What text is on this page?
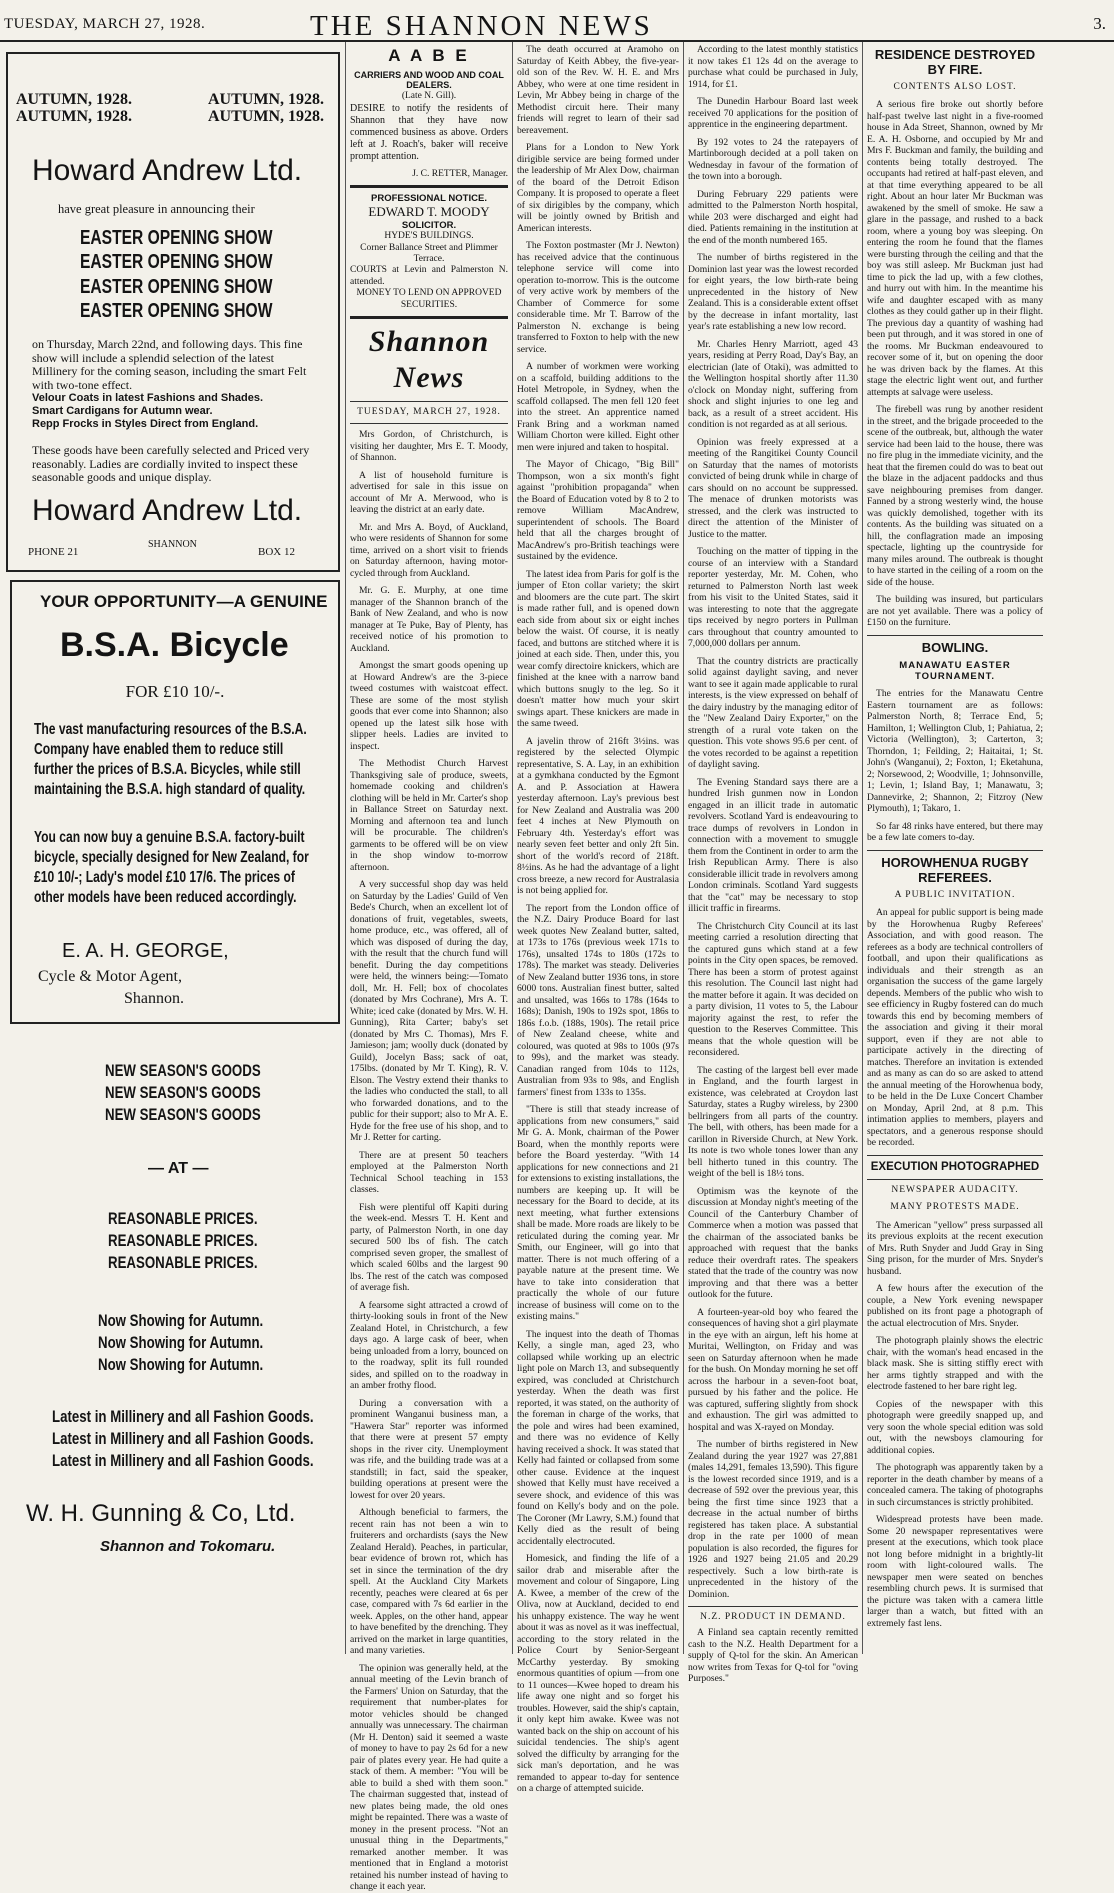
TUESDAY, MARCH 27, 1928.	THE SHANNON NEWS	3.
AUTUMN, 1928.
AUTUMN, 1928.
AUTUMN, 1928.
AUTUMN, 1928.
Howard Andrew Ltd.
have great pleasure in announcing their
EASTER OPENING SHOW
EASTER OPENING SHOW
EASTER OPENING SHOW
EASTER OPENING SHOW
on Thursday, March 22nd, and following days. This fine show will include a splendid selection of the latest Millinery for the coming season, including the smart Felt with two-tone effect.
Velour Coats in latest Fashions and Shades.
Smart Cardigans for Autumn wear.
Repp Frocks in Styles Direct from England.
These goods have been carefully selected and Priced very reasonably. Ladies are cordially invited to inspect these seasonable goods and unique display.
Howard Andrew Ltd.
SHANNON
PHONE 21	BOX 12
YOUR OPPORTUNITY—A GENUINE
B.S.A. Bicycle
FOR £10 10/-.
The vast manufacturing resources of the B.S.A. Company have enabled them to reduce still further the prices of B.S.A. Bicycles, while still maintaining the B.S.A. high standard of quality.
You can now buy a genuine B.S.A. factory-built bicycle, specially designed for New Zealand, for £10 10/-; Lady's model £10 17/6. The prices of other models have been reduced accordingly.
E. A. H. GEORGE,
Cycle & Motor Agent,
Shannon.
NEW SEASON'S GOODS
NEW SEASON'S GOODS
NEW SEASON'S GOODS
— AT —
REASONABLE PRICES.
REASONABLE PRICES.
REASONABLE PRICES.
Now Showing for Autumn.
Now Showing for Autumn.
Now Showing for Autumn.
Latest in Millinery and all Fashion Goods.
Latest in Millinery and all Fashion Goods.
Latest in Millinery and all Fashion Goods.
W. H. Gunning & Co, Ltd.
Shannon and Tokomaru.
A A B E
CARRIERS AND WOOD AND COAL DEALERS.
(Late N. Gill).

DESIRE to notify the residents of Shannon that they have now commenced business as above. Orders left at J. Roach's, baker will receive prompt attention.

J. C. RETTER, Manager.
PROFESSIONAL NOTICE.
EDWARD T. MOODY
SOLICITOR.
HYDE'S BUILDINGS.
Corner Ballance Street and Plimmer Terrace.
COURTS at Levin and Palmerston N. attended.
MONEY TO LEND ON APPROVED SECURITIES.
Shannon News
TUESDAY, MARCH 27, 1928.

Mrs Gordon, of Christchurch, is visiting her daughter, Mrs E. T. Moody, of Shannon.

A list of household furniture is advertised for sale in this issue on account of Mr A. Merwood, who is leaving the district at an early date.

Mr. and Mrs A. Boyd, of Auckland, who were residents of Shannon for some time, arrived on a short visit to friends on Saturday afternoon, having motor-cycled through from Auckland.

Mr. G. E. Murphy, at one time manager of the Shannon branch of the Bank of New Zealand, and who is now manager at Te Puke, Bay of Plenty, has received notice of his promotion to Auckland.

Amongst the smart goods opening up at Howard Andrew's are the 3-piece tweed costumes with waistcoat effect. These are some of the most stylish goods that ever come into Shannon; also opened up the latest silk hose with slipper heels. Ladies are invited to inspect.

The Methodist Church Harvest Thanksgiving sale of produce, sweets, homemade cooking and children's clothing will be held in Mr. Carter's shop in Ballance Street on Saturday next. Morning and afternoon tea and lunch will be procurable. The children's garments to be offered will be on view in the shop window to-morrow afternoon.

A very successful shop day was held on Saturday by the Ladies' Guild of Ven Bede's Church, when an excellent lot of donations of fruit, vegetables, sweets, home produce, etc., was offered, all of which was disposed of during the day, with the result that the church fund will benefit. During the day competitions were held, the winners being:—Tomato doll, Mr. H. Fell; box of chocolates (donated by Mrs Cochrane), Mrs A. T. White; iced cake (donated by Mrs. W. H. Gunning), Rita Carter; baby's set (donated by Mrs C. Thomas), Mrs F. Jamieson; jam; woolly duck (donated by Guild), Jocelyn Bass; sack of oat, 175lbs. (donated by Mr T. King), R. V. Elson. The Vestry extend their thanks to the ladies who conducted the stall, to all who forwarded donations, and to the public for their support; also to Mr A. E. Hyde for the free use of his shop, and to Mr J. Retter for carting.

There are at present 50 teachers employed at the Palmerston North Technical School teaching in 153 classes.

Fish were plentiful off Kapiti during the week-end. Messrs T. H. Kent and party, of Palmerston North, in one day secured 500 lbs of fish. The catch comprised seven groper, the smallest of which scaled 60lbs and the largest 90 lbs. The rest of the catch was composed of average fish.

A fearsome sight attracted a crowd of thirty-looking souls in front of the New Zealand Hotel, in Christchurch, a few days ago. A large cask of beer, when being unloaded from a lorry, bounced on to the roadway, split its full rounded sides, and spilled on to the roadway in an amber frothy flood.

During a conversation with a prominent Wanganui business man, a "Hawera Star" reporter was informed that there were at present 57 empty shops in the river city. Unemployment was rife, and the building trade was at a standstill; in fact, said the speaker, building operations at present were the lowest for over 20 years.

Although beneficial to farmers, the recent rain has not been a win to fruiterers and orchardists (says the New Zealand Herald). Peaches, in particular, bear evidence of brown rot, which has set in since the termination of the dry spell. At the Auckland City Markets recently, peaches were cleared at 6s per case, compared with 7s 6d earlier in the week. Apples, on the other hand, appear to have benefited by the drenching. They arrived on the market in large quantities, and many varieties.

The opinion was generally held, at the annual meeting of the Levin branch of the Farmers' Union on Saturday, that the requirement that number-plates for motor vehicles should be changed annually was unnecessary. The chairman (Mr H. Denton) said it seemed a waste of money to have to pay 2s 6d for a new pair of plates every year. He had quite a stack of them. A member: "You will be able to build a shed with them soon." The chairman suggested that, instead of new plates being made, the old ones might be repainted. There was a waste of money in the present process. "Not an unusual thing in the Departments," remarked another member. It was mentioned that in England a motorist retained his number instead of having to change it each year.

The death occurred at Aramoho on Saturday of Keith Abbey, the five-year-old son of the Rev. W. H. E. and Mrs Abbey, who were at one time resident in Levin, Mr Abbey being in charge of the Methodist circuit here. Their many friends will regret to learn of their sad bereavement.

Plans for a London to New York dirigible service are being formed under the leadership of Mr Alex Dow, chairman of the board of the Detroit Edison Company. It is proposed to operate a fleet of six dirigibles by the company, which will be jointly owned by British and American interests.

The Foxton postmaster (Mr J. Newton) has received advice that the continuous telephone service will come into operation to-morrow. This is the outcome of very active work by members of the Chamber of Commerce for some considerable time. Mr T. Barrow of the Palmerston N. exchange is being transferred to Foxton to help with the new service.

A number of workmen were working on a scaffold, building additions to the Hotel Metropole, in Sydney, when the scaffold collapsed. The men fell 120 feet into the street. An apprentice named Frank Bring and a workman named William Chorton were killed. Eight other men were injured and taken to hospital.

The Mayor of Chicago, "Big Bill" Thompson, won a six month's fight against "prohibition propaganda" when the Board of Education voted by 8 to 2 to remove William MacAndrew, superintendent of schools. The Board held that all the charges brought of MacAndrew's pro-British teachings were sustained by the evidence.

The latest idea from Paris for golf is the jumper of Eton collar variety; the skirt and bloomers are the cute part. The skirt is made rather full, and is opened down each side from about six or eight inches below the waist. Of course, it is neatly faced, and buttons are stitched where it is joined at each side. Then, under this, you wear comfy directoire knickers, which are finished at the knee with a narrow band which buttons snugly to the leg. So it doesn't matter how much your skirt swings apart. These knickers are made in the same tweed.

A javelin throw of 216ft 3½ins. was registered by the selected Olympic representative, S. A. Lay, in an exhibition at a gymkhana conducted by the Egmont A. and P. Association at Hawera yesterday afternoon. Lay's previous best for New Zealand and Australia was 200 feet 4 inches at New Plymouth on February 4th. Yesterday's effort was nearly seven feet better and only 2ft 5in. short of the world's record of 218ft. 8½ins. As he had the advantage of a light cross breeze, a new record for Australasia is not being applied for.

The report from the London office of the N.Z. Dairy Produce Board for last week quotes New Zealand butter, salted, at 173s to 176s (previous week 171s to 176s), unsalted 174s to 180s (172s to 178s). The market was steady. Deliveries of New Zealand butter 1936 tons, in store 6000 tons. Australian finest butter, salted and unsalted, was 166s to 178s (164s to 168s); Danish, 190s to 192s spot, 186s to 186s f.o.b. (188s, 190s). The retail price of New Zealand cheese, white and coloured, was quoted at 98s to 100s (97s to 99s), and the market was steady. Canadian ranged from 104s to 112s, Australian from 93s to 98s, and English farmers' finest from 133s to 135s.

"There is still that steady increase of applications from new consumers," said Mr G. A. Monk, chairman of the Power Board, when the monthly reports were before the Board yesterday. "With 14 applications for new connections and 21 for extensions to existing installations, the numbers are keeping up. It will be necessary for the Board to decide, at its next meeting, what further extensions shall be made. More roads are likely to be reticulated during the coming year. Mr Smith, our Engineer, will go into that matter. There is not much offering of a payable nature at the present time. We have to take into consideration that practically the whole of our future increase of business will come on to the existing mains."

The inquest into the death of Thomas Kelly, a single man, aged 23, who collapsed while working up an electric light pole on March 13, and subsequently expired, was concluded at Christchurch yesterday. When the death was first reported, it was stated, on the authority of the foreman in charge of the works, that the pole and wires had been examined, and there was no evidence of Kelly having received a shock. It was stated that Kelly had fainted or collapsed from some other cause. Evidence at the inquest showed that Kelly must have received a severe shock, and evidence of this was found on Kelly's body and on the pole. The Coroner (Mr Lawry, S.M.) found that Kelly died as the result of being accidentally electrocuted.

Homesick, and finding the life of a sailor drab and miserable after the movement and colour of Singapore, Ling A. Kwee, a member of the crew of the Oliva, now at Auckland, decided to end his unhappy existence. The way he went about it was as novel as it was ineffectual, according to the story related in the Police Court by Senior-Sergeant McCarthy yesterday. By smoking enormous quantities of opium —from one to 11 ounces—Kwee hoped to dream his life away one night and so forget his troubles. However, said the ship's captain, it only kept him awake. Kwee was not wanted back on the ship on account of his suicidal tendencies. The ship's agent solved the difficulty by arranging for the sick man's deportation, and he was remanded to appear to-day for sentence on a charge of attempted suicide.

According to the latest monthly statistics it now takes £1 12s 4d on the average to purchase what could be purchased in July, 1914, for £1.

The Dunedin Harbour Board last week received 70 applications for the position of apprentice in the engineering department.

By 192 votes to 24 the ratepayers of Martinborough decided at a poll taken on Wednesday in favour of the formation of the town into a borough.

During February 229 patients were admitted to the Palmerston North hospital, while 203 were discharged and eight had died. Patients remaining in the institution at the end of the month numbered 165.

The number of births registered in the Dominion last year was the lowest recorded for eight years, the low birth-rate being unprecedented in the history of New Zealand. This is a considerable extent offset by the decrease in infant mortality, last year's rate establishing a new low record.

Mr. Charles Henry Marriott, aged 43 years, residing at Perry Road, Day's Bay, an electrician (late of Otaki), was admitted to the Wellington hospital shortly after 11.30 o'clock on Monday night, suffering from shock and slight injuries to one leg and back, as a result of a street accident. His condition is not regarded as at all serious.

Opinion was freely expressed at a meeting of the Rangitikei County Council on Saturday that the names of motorists convicted of being drunk while in charge of cars should on no account be suppressed. The menace of drunken motorists was stressed, and the clerk was instructed to direct the attention of the Minister of Justice to the matter.

Touching on the matter of tipping in the course of an interview with a Standard reporter yesterday, Mr. M. Cohen, who returned to Palmerston North last week from his visit to the United States, said it was interesting to note that the aggregate tips received by negro porters in Pullman cars throughout that country amounted to 7,000,000 dollars per annum.

That the country districts are practically solid against daylight saving, and never want to see it again made applicable to rural interests, is the view expressed on behalf of the dairy industry by the managing editor of the "New Zealand Dairy Exporter," on the strength of a rural vote taken on the question. This vote shows 95.6 per cent. of the votes recorded to be against a repetition of daylight saving.

The Evening Standard says there are a hundred Irish gunmen now in London engaged in an illicit trade in automatic revolvers. Scotland Yard is endeavouring to trace dumps of revolvers in London in connection with a movement to smuggle them from the Continent in order to arm the Irish Republican Army. There is also considerable illicit trade in revolvers among London criminals. Scotland Yard suggests that the "cat" may be necessary to stop illicit traffic in firearms.

The Christchurch City Council at its last meeting carried a resolution directing that the captured guns which stand at a few points in the City open spaces, be removed. There has been a storm of protest against this resolution. The Council last night had the matter before it again. It was decided on a party division, 11 votes to 5, the Labour majority against the rest, to refer the question to the Reserves Committee. This means that the whole question will be reconsidered.

The casting of the largest bell ever made in England, and the fourth largest in existence, was celebrated at Croydon last Saturday, states a Rugby wireless, by 2300 bellringers from all parts of the country. The bell, with others, has been made for a carillon in Riverside Church, at New York. Its note is two whole tones lower than any bell hitherto tuned in this country. The weight of the bell is 18½ tons.

Optimism was the keynote of the discussion at Monday night's meeting of the Council of the Canterbury Chamber of Commerce when a motion was passed that the chairman of the associated banks be approached with request that the banks reduce their overdraft rates. The speakers stated that the trade of the country was now improving and that there was a better outlook for the future.

A fourteen-year-old boy who feared the consequences of having shot a girl playmate in the eye with an airgun, left his home at Muritai, Wellington, on Friday and was seen on Saturday afternoon when he made for the bush. On Monday morning he set off across the harbour in a seven-foot boat, pursued by his father and the police. He was captured, suffering slightly from shock and exhaustion. The girl was admitted to hospital and was X-rayed on Monday.

The number of births registered in New Zealand during the year 1927 was 27,881 (males 14,291, females 13,590). This figure is the lowest recorded since 1919, and is a decrease of 592 over the previous year, this being the first time since 1923 that a decrease in the actual number of births registered has taken place. A substantial drop in the rate per 1000 of mean population is also recorded, the figures for 1926 and 1927 being 21.05 and 20.29 respectively. Such a low birth-rate is unprecedented in the history of the Dominion.

N.Z. PRODUCT IN DEMAND.

A Finland sea captain recently remitted cash to the N.Z. Health Department for a supply of Q-tol for the skin. An American now writes from Texas for Q-tol for "oving Purposes."

RESIDENCE DESTROYED BY FIRE.
CONTENTS ALSO LOST.

A serious fire broke out shortly before half-past twelve last night in a five-roomed house in Ada Street, Shannon, owned by Mr E. A. H. Osborne, and occupied by Mr and Mrs F. Buckman and family, the building and contents being totally destroyed. The occupants had retired at half-past eleven, and at that time everything appeared to be all right. About an hour later Mr Buckman was awakened by the smell of smoke. He saw a glare in the passage, and rushed to a back room, where a young boy was sleeping. On entering the room he found that the flames were bursting through the ceiling and that the boy was still asleep. Mr Buckman just had time to pick the lad up, with a few clothes, and hurry out with him. In the meantime his wife and daughter escaped with as many clothes as they could gather up in their flight. The previous day a quantity of washing had been put through, and it was stored in one of the rooms. Mr Buckman endeavoured to recover some of it, but on opening the door he was driven back by the flames. At this stage the electric light went out, and further attempts at salvage were useless.

The firebell was rung by another resident in the street, and the brigade proceeded to the scene of the outbreak, but, although the water service had been laid to the house, there was no fire plug in the immediate vicinity, and the heat that the firemen could do was to beat out the blaze in the adjacent paddocks and thus save neighbouring premises from danger. Fanned by a strong westerly wind, the house was quickly demolished, together with its contents. As the building was situated on a hill, the conflagration made an imposing spectacle, lighting up the countryside for many miles around. The outbreak is thought to have started in the ceiling of a room on the side of the house.

The building was insured, but particulars are not yet available. There was a policy of £150 on the furniture.

BOWLING.
MANAWATU EASTER TOURNAMENT.

The entries for the Manawatu Centre Eastern tournament are as follows: Palmerston North, 8; Terrace End, 5; Hamilton, 1; Wellington Club, 1; Pahiatua, 2; Victoria (Wellington), 3; Carterton, 3; Thorndon, 1; Feilding, 2; Haitaitai, 1; St. John's (Wanganui), 2; Foxton, 1; Eketahuna, 2; Norsewood, 2; Woodville, 1; Johnsonville, 1; Levin, 1; Island Bay, 1; Manawatu, 3; Dannevirke, 2; Shannon, 2; Fitzroy (New Plymouth), 1; Takaro, 1.

So far 48 rinks have entered, but there may be a few late comers to-day.

HOROWHENUA RUGBY REFEREES.
A PUBLIC INVITATION.

An appeal for public support is being made by the Horowhenua Rugby Referees' Association, and with good reason. The referees as a body are technical controllers of football, and upon their qualifications as individuals and their strength as an organisation the success of the game largely depends. Members of the public who wish to see efficiency in Rugby fostered can do much towards this end by becoming members of the association and giving it their moral support, even if they are not able to participate actively in the directing of matches. Therefore an invitation is extended and as many as can do so are asked to attend the annual meeting of the Horowhenua body, to be held in the De Luxe Concert Chamber on Monday, April 2nd, at 8 p.m. This intimation applies to members, players and spectators, and a generous response should be recorded.

EXECUTION PHOTOGRAPHED
NEWSPAPER AUDACITY.
MANY PROTESTS MADE.

The American "yellow" press surpassed all its previous exploits at the recent execution of Mrs. Ruth Snyder and Judd Gray in Sing Sing prison, for the murder of Mrs. Snyder's husband.

A few hours after the execution of the couple, a New York evening newspaper published on its front page a photograph of the actual electrocution of Mrs. Snyder.

The photograph plainly shows the electric chair, with the woman's head encased in the black mask. She is sitting stiffly erect with her arms tightly strapped and with the electrode fastened to her bare right leg.

Copies of the newspaper with this photograph were greedily snapped up, and very soon the whole special edition was sold out, with the newsboys clamouring for additional copies.

The photograph was apparently taken by a reporter in the death chamber by means of a concealed camera. The taking of photographs in such circumstances is strictly prohibited.

Widespread protests have been made. Some 20 newspaper representatives were present at the executions, which took place not long before midnight in a brightly-lit room with light-coloured walls. The newspaper men were seated on benches resembling church pews. It is surmised that the picture was taken with a camera little larger than a watch, but fitted with an extremely fast lens.
